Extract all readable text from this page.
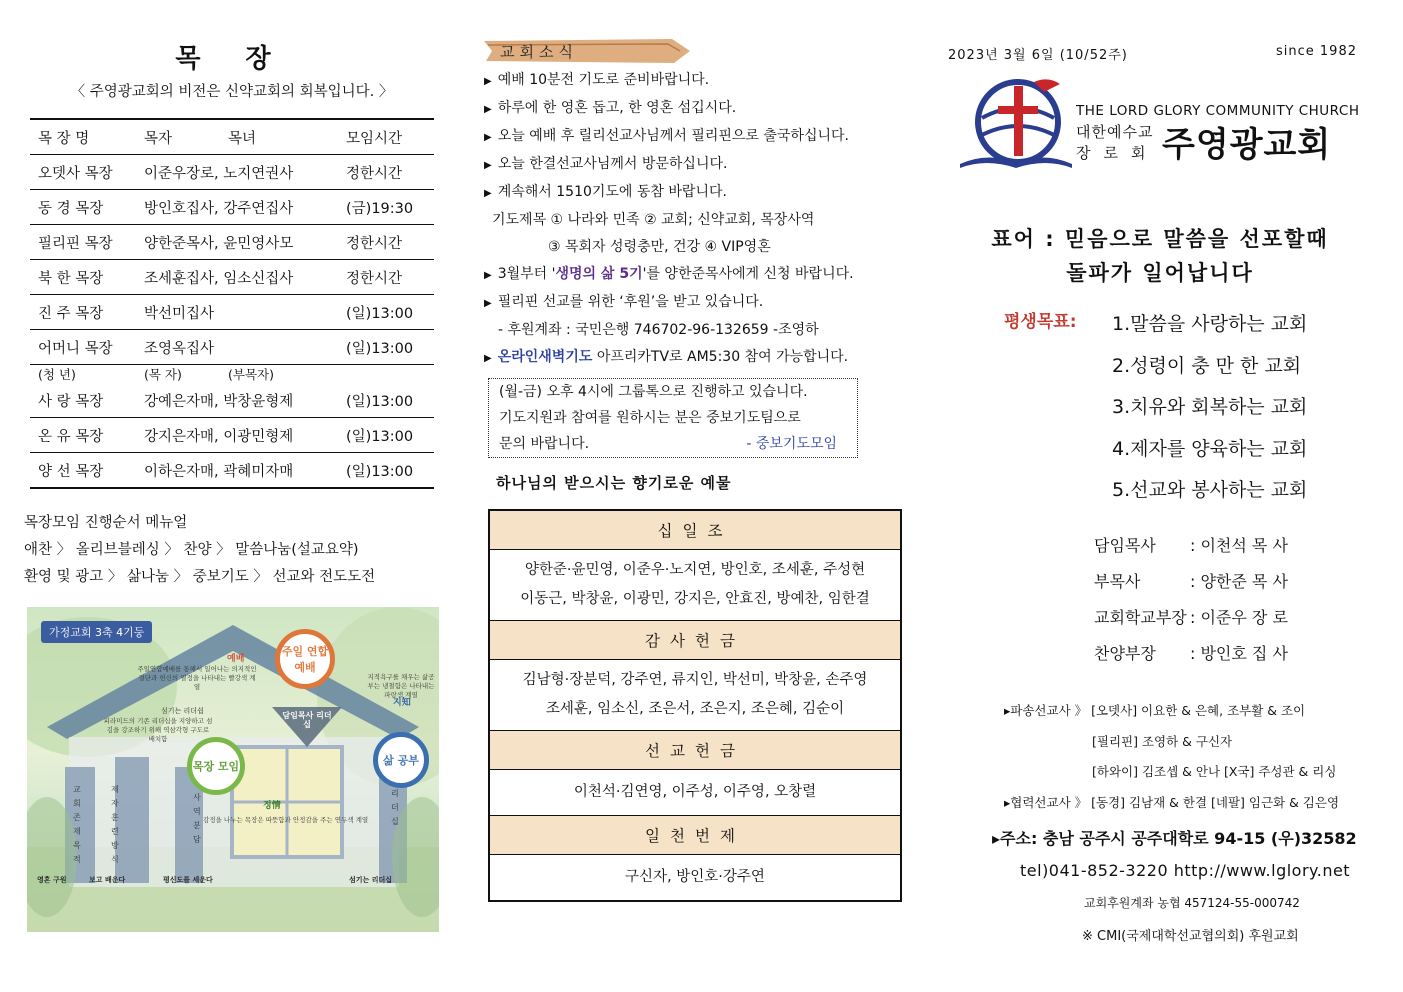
목 장
〈 주영광교회의 비전은 신약교회의 회복입니다. 〉
목 장 명	목자	목녀	모임시간
오뎃사 목장	이준우장로, 노지연권사		정한시간
동 경 목장	방인호집사, 강주연집사		(금)19:30
필리핀 목장	양한준목사, 윤민영사모		정한시간
북 한 목장	조세훈집사, 임소신집사		정한시간
진 주 목장	박선미집사		(일)13:00
어머니 목장	조영옥집사		(일)13:00
(청 년)	(목 자)	(부목자)	
사 랑 목장	강예은자매, 박창윤형제		(일)13:00
온 유 목장	강지은자매, 이광민형제		(일)13:00
양 선 목장	이하은자매, 곽혜미자매		(일)13:00
목장모임 진행순서 메뉴얼
애찬 〉 올리브블레싱 〉 찬양 〉 말씀나눔(설교요약)
환영 및 광고 〉 삶나눔 〉 중보기도 〉 선교와 전도도전
가정교회 3축 4기둥
주일 연합예배
목장 모임	삶 공부
담임목사 리더십
예배
지知
정情
주일연합예배를 통해서 일어나는 의지적인 결단과 헌신의 열정을 나타내는 빨강색 계열
지적욕구를 채우는 삶공부는 냉철함은 나타내는 파랑색 계열
피라미드의 기존 리더십을 지양하고 섬김을 강조하기 위해 역삼각형 구도로 배치함
감정을 나누는 목장은 따뜻함과 안정감을 주는 연두색 계열
섬기는 리더쉽
교회존재목적
제자훈련방식
사역분담
리더십
영혼 구원	보고 배운다	평신도를 세운다	섬기는 리더십
교회소식
▶ 예배 10분전 기도로 준비바랍니다.
▶ 하루에 한 영혼 돕고, 한 영혼 섬깁시다.
▶ 오늘 예배 후 릴리선교사님께서 필리핀으로 출국하십니다.
▶ 오늘 한결선교사님께서 방문하십니다.
▶ 계속해서 1510기도에 동참 바랍니다.
기도제목 ① 나라와 민족 ② 교회; 신약교회, 목장사역
③ 목회자 성령충만, 건강 ④ VIP영혼
▶ 3월부터 '생명의 삶 5기'를 양한준목사에게 신청 바랍니다.
▶ 필리핀 선교를 위한 ‘후원’을 받고 있습니다.
- 후원계좌 : 국민은행 746702-96-132659 -조영하
▶ 온라인새벽기도 아프리카TV로 AM5:30 참여 가능합니다.
(월-금) 오후 4시에 그룹톡으로 진행하고 있습니다.
기도지원과 참여를 원하시는 분은 중보기도팀으로
문의 바랍니다.	- 중보기도모임
하나님의 받으시는 향기로운 예물
십일조
양한준·윤민영, 이준우·노지연, 방인호, 조세훈, 주성현
이동근, 박창윤, 이광민, 강지은, 안효진, 방예찬, 임한결
감사헌금
김남형·장분덕, 강주연, 류지인, 박선미, 박창윤, 손주영
조세훈, 임소신, 조은서, 조은지, 조은혜, 김순이
선교헌금
이천석·김연영, 이주성, 이주영, 오창렬
일천번제
구신자, 방인호·강주연
2023년 3월 6일 (10/52주)	since 1982
THE LORD GLORY COMMUNITY CHURCH
대한예수교
장로회 주영광교회
표어 : 믿음으로 말씀을 선포할때
돌파가 일어납니다
평생목표: 1.말씀을 사랑하는 교회
2.성령이 충 만 한 교회
3.치유와 회복하는 교회
4.제자를 양육하는 교회
5.선교와 봉사하는 교회
담임목사 : 이천석 목 사
부목사	: 양한준 목 사
교회학교부장 : 이준우 장 로
찬양부장 : 방인호 집 사
▸파송선교사 》 [오뎃사] 이요한 & 은혜, 조부활 & 조이
[필리핀] 조영하 & 구신자
[하와이] 김조셉 & 안나 [X국] 주성관 & 리싱
▸협력선교사 》 [동경] 김남재 & 한결 [네팔] 임근화 & 김은영
▸주소: 충남 공주시 공주대학로 94-15 (우)32582
tel)041-852-3220 http://www.lglory.net
교회후원계좌 농협 457124-55-000742
※ CMI(국제대학선교협의회) 후원교회
